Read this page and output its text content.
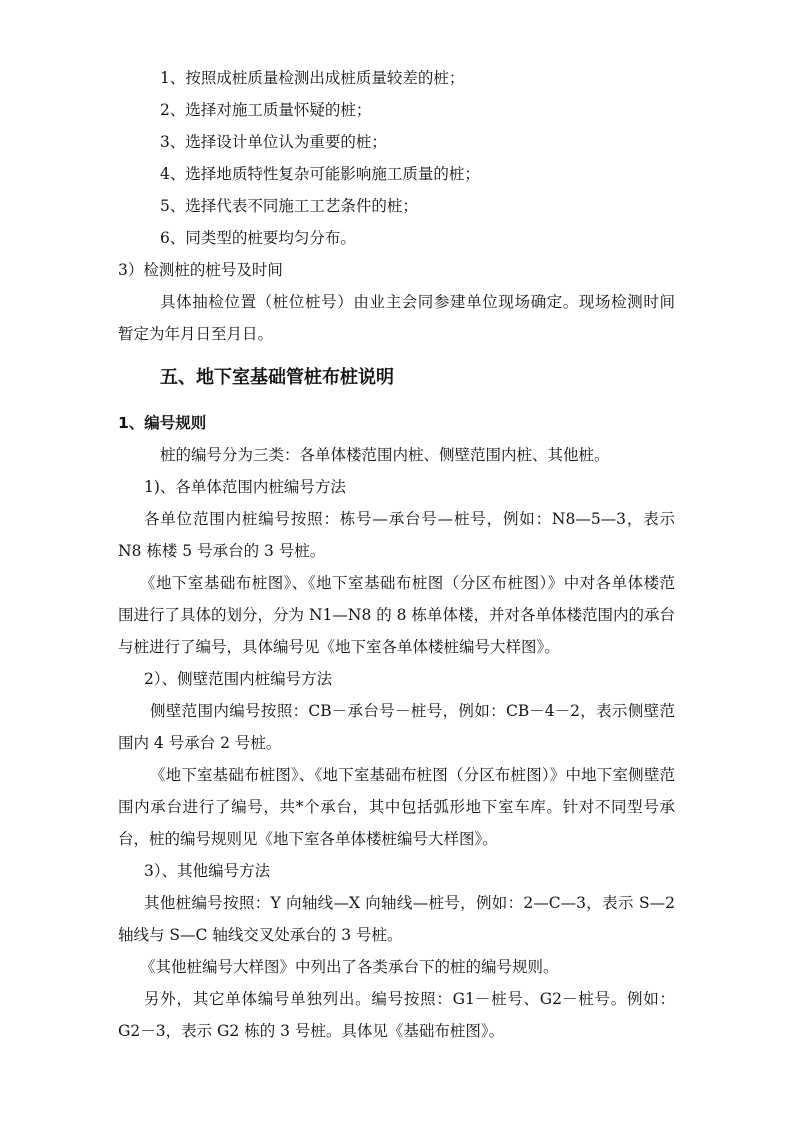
1、按照成桩质量检测出成桩质量较差的桩；
2、选择对施工质量怀疑的桩；
3、选择设计单位认为重要的桩；
4、选择地质特性复杂可能影响施工质量的桩；
5、选择代表不同施工工艺条件的桩；
6、同类型的桩要均匀分布。
3）检测桩的桩号及时间
具体抽检位置（桩位桩号）由业主会同参建单位现场确定。现场检测时间
暂定为年月日至月日。
五、地下室基础管桩布桩说明
1、编号规则
桩的编号分为三类：各单体楼范围内桩、侧壁范围内桩、其他桩。
1)、各单体范围内桩编号方法
各单位范围内桩编号按照：栋号—承台号—桩号，例如：N8—5—3，表示
N8 栋楼 5 号承台的 3 号桩。
《地下室基础布桩图》、《地下室基础布桩图（分区布桩图）》中对各单体楼范
围进行了具体的划分，分为 N1—N8 的 8 栋单体楼，并对各单体楼范围内的承台
与桩进行了编号，具体编号见《地下室各单体楼桩编号大样图》。
2）、侧壁范围内桩编号方法
侧壁范围内编号按照：CB－承台号－桩号，例如：CB－4－2，表示侧壁范
围内 4 号承台 2 号桩。
《地下室基础布桩图》、《地下室基础布桩图（分区布桩图）》中地下室侧壁范
围内承台进行了编号，共*个承台，其中包括弧形地下室车库。针对不同型号承
台，桩的编号规则见《地下室各单体楼桩编号大样图》。
3）、其他编号方法
其他桩编号按照：Y 向轴线—X 向轴线—桩号，例如：2—C—3，表示 S—2
轴线与 S—C 轴线交叉处承台的 3 号桩。
《其他桩编号大样图》中列出了各类承台下的桩的编号规则。
另外，其它单体编号单独列出。编号按照：G1－桩号、G2－桩号。例如：
G2－3，表示 G2 栋的 3 号桩。具体见《基础布桩图》。
